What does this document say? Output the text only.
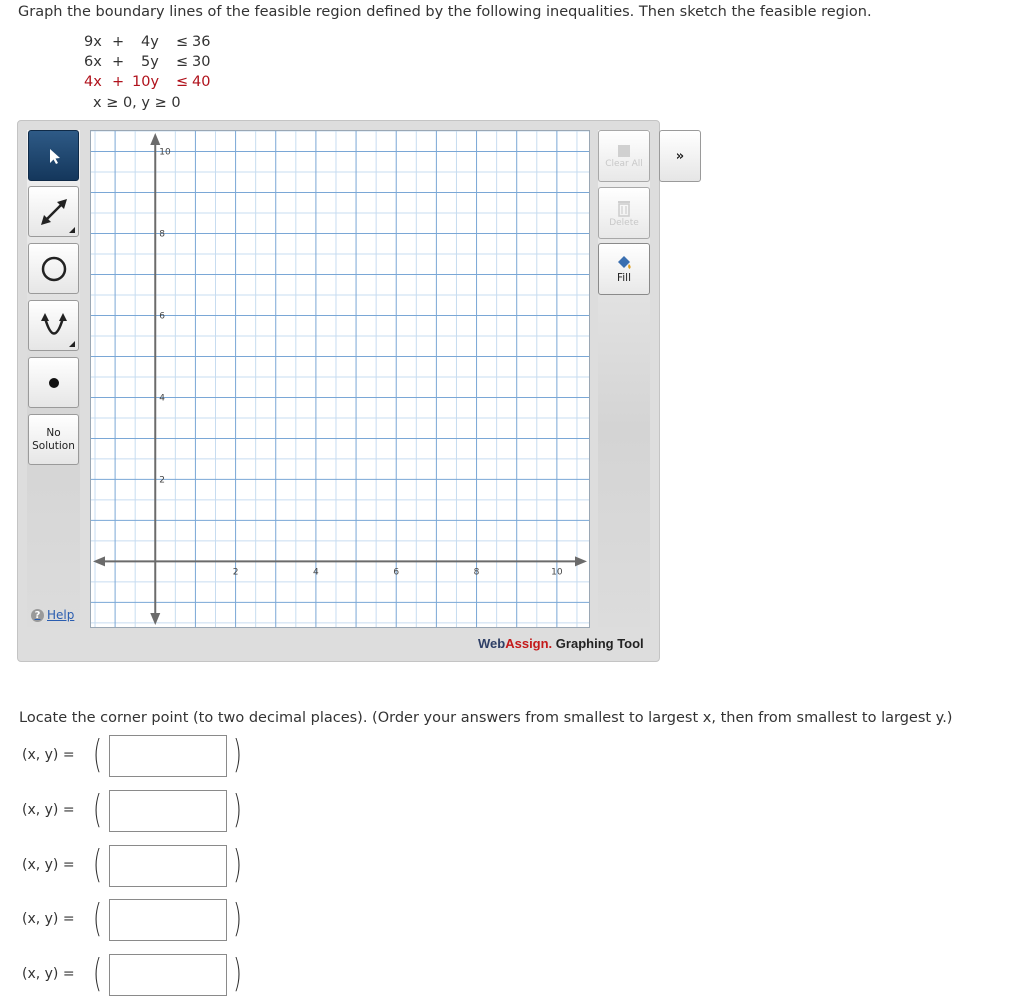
Graph the boundary lines of the feasible region defined by the following inequalities. Then sketch the feasible region.
9x + 4y ≤ 36
6x + 5y ≤ 30
4x + 10y ≤ 40
x ≥ 0, y ≥ 0
No
Solution
? Help
2	4	6	8	10
2
4
6
8
10
Clear All
Delete
Fill
»
WebAssign. Graphing Tool
Locate the corner point (to two decimal places). (Order your answers from smallest to largest x, then from smallest to largest y.)
(x, y) = (	)
(x, y) = (	)
(x, y) = (	)
(x, y) = (	)
(x, y) = (	)
